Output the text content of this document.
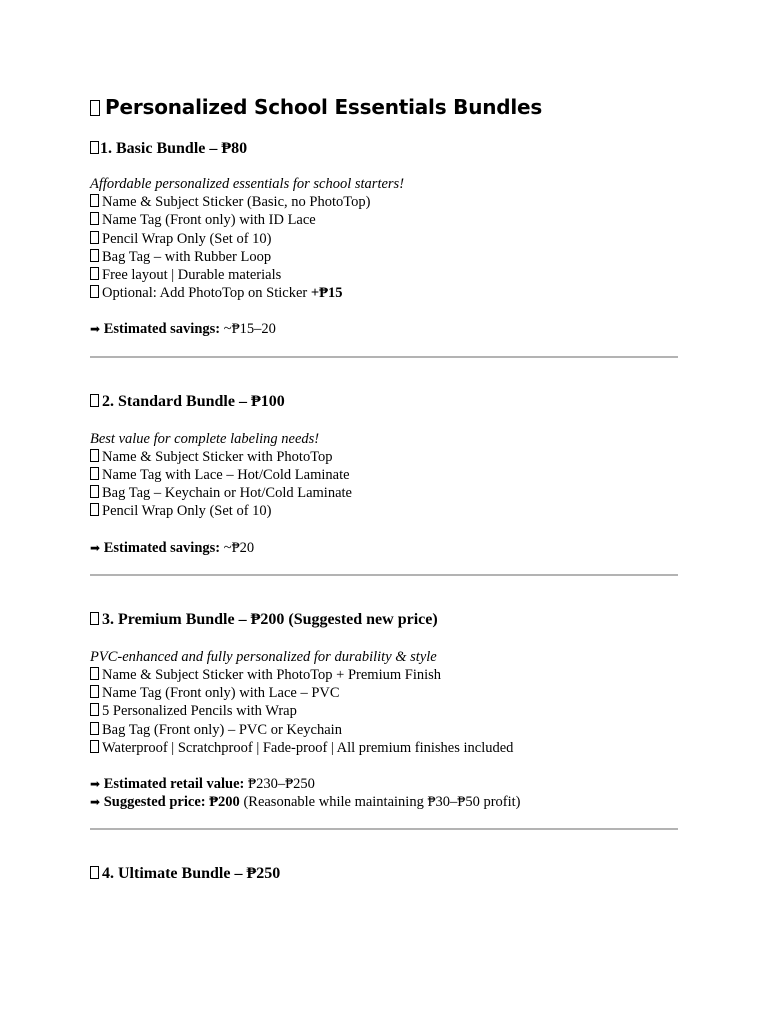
Personalized School Essentials Bundles
1. Basic Bundle – ₱80

Affordable personalized essentials for school starters!

Name & Subject Sticker (Basic, no PhotoTop)

Name Tag (Front only) with ID Lace

Pencil Wrap Only (Set of 10)

Bag Tag – with Rubber Loop

Free layout | Durable materials

Optional: Add PhotoTop on Sticker +₱15

➡ Estimated savings: ~₱15–20

2. Standard Bundle – ₱100

Best value for complete labeling needs!

Name & Subject Sticker with PhotoTop

Name Tag with Lace – Hot/Cold Laminate

Bag Tag – Keychain or Hot/Cold Laminate

Pencil Wrap Only (Set of 10)

➡ Estimated savings: ~₱20

3. Premium Bundle – ₱200 (Suggested new price)

PVC-enhanced and fully personalized for durability & style

Name & Subject Sticker with PhotoTop + Premium Finish

Name Tag (Front only) with Lace – PVC

5 Personalized Pencils with Wrap

Bag Tag (Front only) – PVC or Keychain

Waterproof | Scratchproof | Fade-proof | All premium finishes included

➡ Estimated retail value: ₱230–₱250

➡ Suggested price: ₱200 (Reasonable while maintaining ₱30–₱50 profit)

4. Ultimate Bundle – ₱250
